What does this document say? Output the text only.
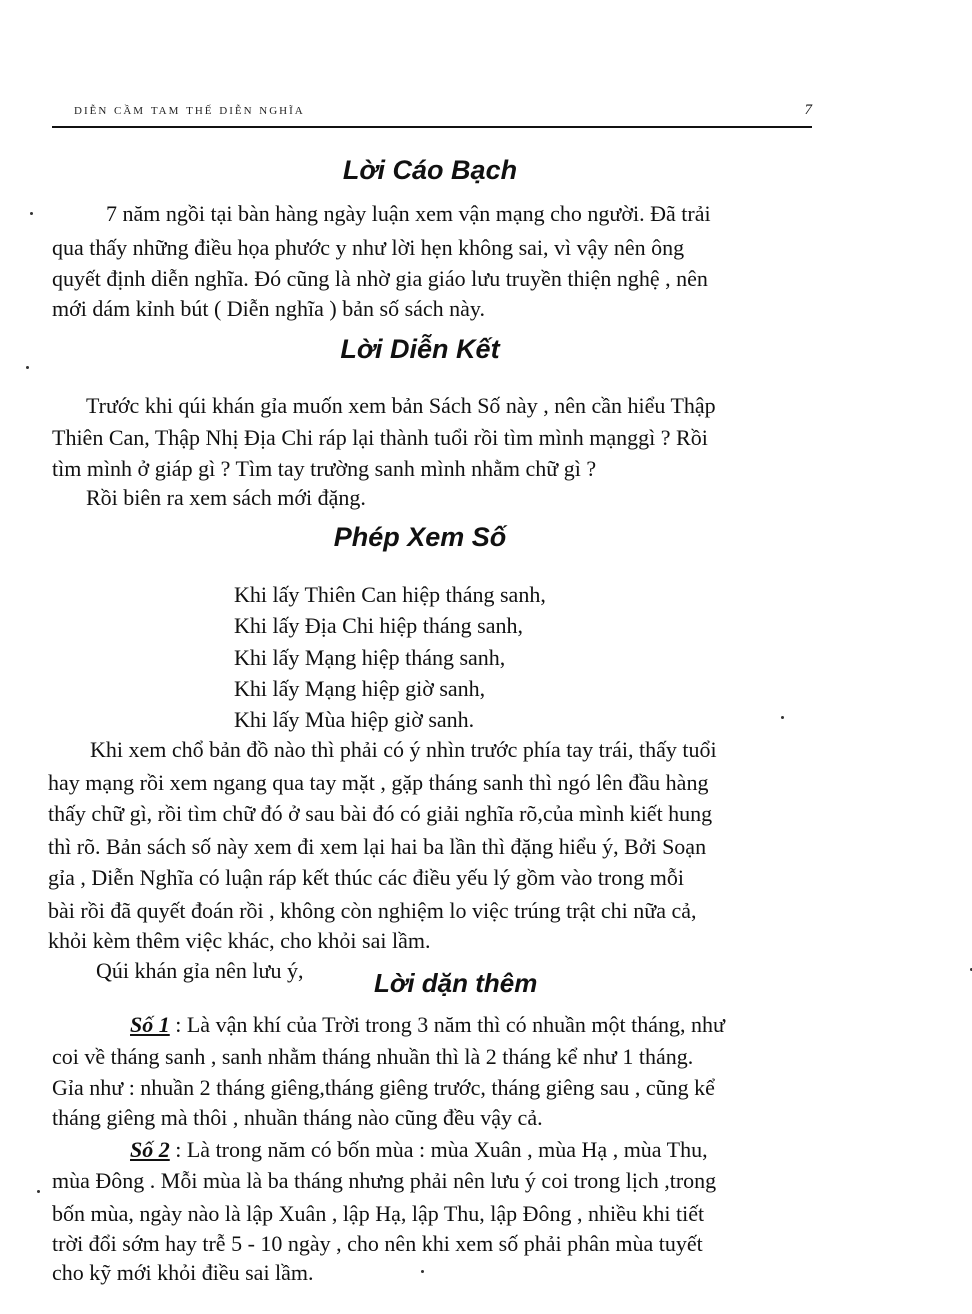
diễn cầm tam thế diễn nghĩa	7
Lời Cáo Bạch
7 năm ngồi tại bàn hàng ngày luận xem vận mạng cho người. Đã trải
qua thấy những điều họa phước y như lời hẹn không sai, vì vậy nên ông
quyết định diễn nghĩa. Đó cũng là nhờ gia giáo lưu truyền thiện nghệ , nên
mới dám kỉnh bút ( Diễn nghĩa ) bản số sách này.
Lời Diễn Kết
Trước khi qúi khán gỉa muốn xem bản Sách Số này , nên cần hiểu Thập
Thiên Can, Thập Nhị Địa Chi ráp lại thành tuổi rồi tìm mình mạnggì ? Rồi
tìm mình ở giáp gì ? Tìm tay trường sanh mình nhằm chữ gì ?
Rồi biên ra xem sách mới đặng.
Phép Xem Số
Khi lấy Thiên Can hiệp tháng sanh,
Khi lấy Địa Chi hiệp tháng sanh,
Khi lấy Mạng hiệp tháng sanh,
Khi lấy Mạng hiệp giờ sanh,
Khi lấy Mùa hiệp giờ sanh.
Khi xem chổ bản đồ nào thì phải có ý nhìn trước phía tay trái, thấy tuổi
hay mạng rồi xem ngang qua tay mặt , gặp tháng sanh thì ngó lên đầu hàng
thấy chữ gì, rồi tìm chữ đó ở sau bài đó có giải nghĩa rõ,của mình kiết hung
thì rõ. Bản sách số này xem đi xem lại hai ba lần thì đặng hiểu ý, Bởi Soạn
gỉa , Diễn Nghĩa có luận ráp kết thúc các điều yếu lý gồm vào trong mỗi
bài rồi đã quyết đoán rồi , không còn nghiệm lo việc trúng trật chi nữa cả,
khỏi kèm thêm việc khác, cho khỏi sai lầm.
Qúi khán gỉa nên lưu ý,	Lời dặn thêm
Số 1 : Là vận khí của Trời trong 3 năm thì có nhuần một tháng, như
coi về tháng sanh , sanh nhằm tháng nhuần thì là 2 tháng kể như 1 tháng.
Gỉa như : nhuần 2 tháng giêng,tháng giêng trước, tháng giêng sau , cũng kể
tháng giêng mà thôi , nhuần tháng nào cũng đều vậy cả.
Số 2 : Là trong năm có bốn mùa : mùa Xuân , mùa Hạ , mùa Thu,
mùa Đông . Mỗi mùa là ba tháng nhưng phải nên lưu ý coi trong lịch ,trong
bốn mùa, ngày nào là lập Xuân , lập Hạ, lập Thu, lập Đông , nhiều khi tiết
trời đổi sớm hay trễ 5 - 10 ngày , cho nên khi xem số phải phân mùa tuyết
cho kỹ mới khỏi điều sai lầm.
